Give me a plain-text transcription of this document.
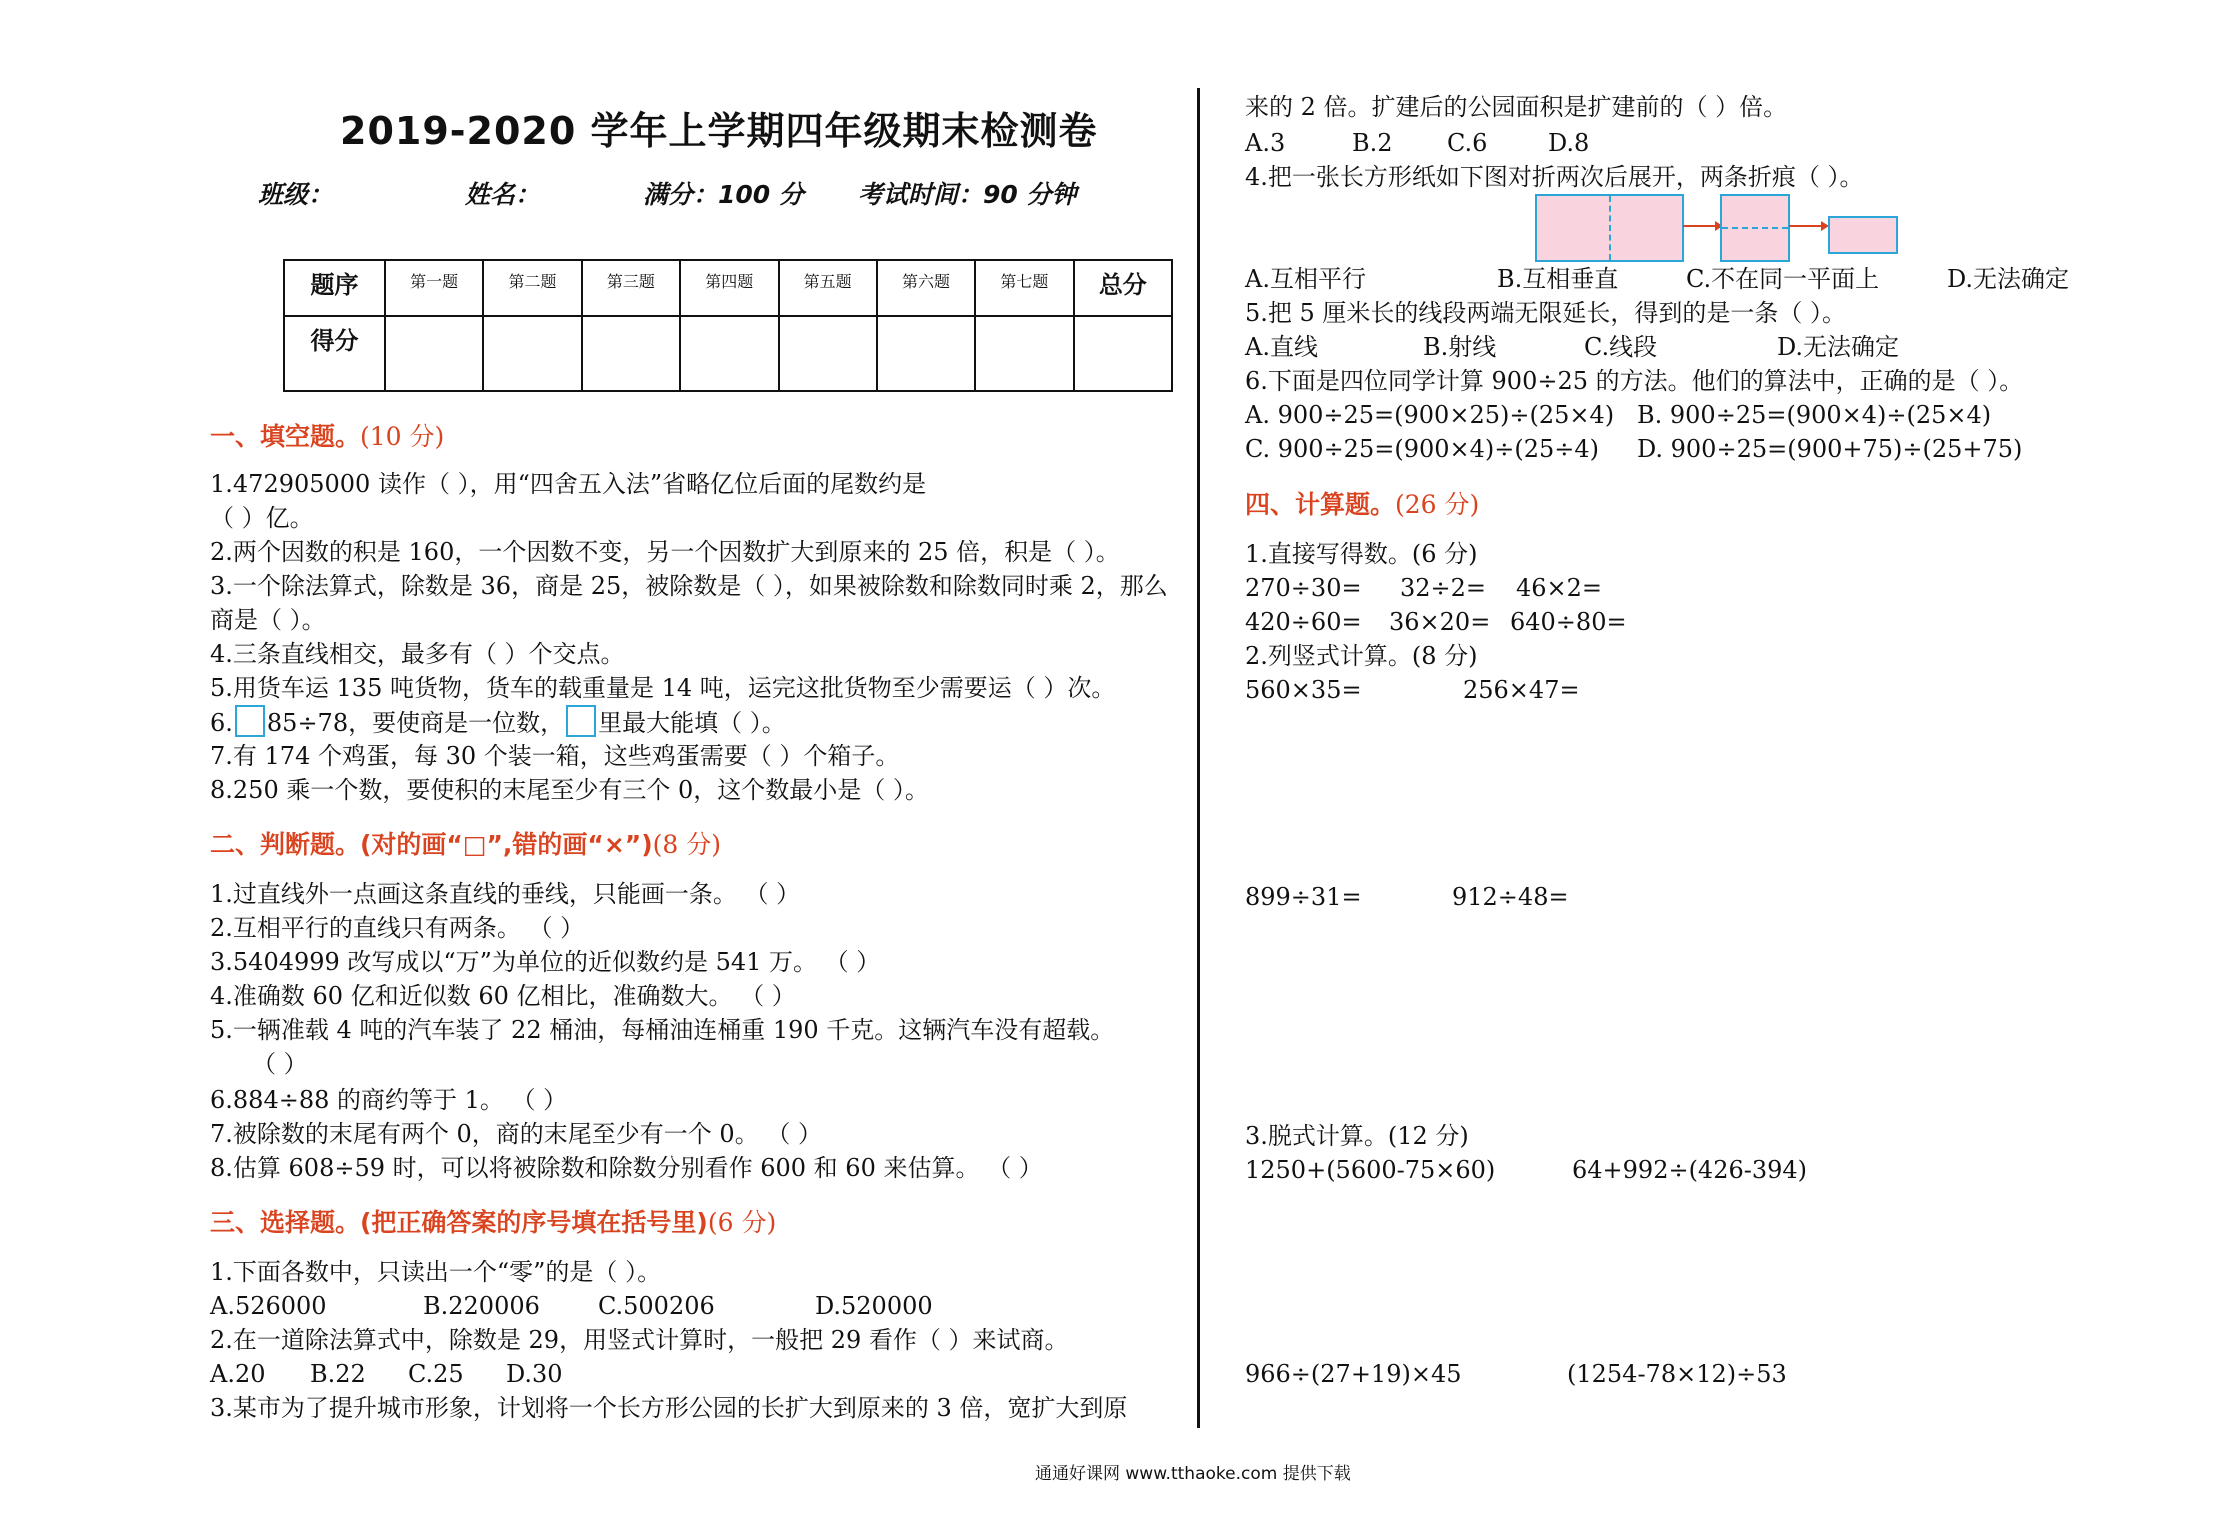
2019-2020 学年上学期四年级期末检测卷
班级：	姓名：	满分：100 分 考试时间：90 分钟
题序	第一题	第二题	第三题	第四题	第五题	第六题	第七题	总分
得分								
一、填空题。(10 分)
1.472905000 读作（ ），用“四舍五入法”省略亿位后面的尾数约是
（ ）亿。
2.两个因数的积是 160，一个因数不变，另一个因数扩大到原来的 25 倍，积是（ ）。
3.一个除法算式，除数是 36，商是 25，被除数是（ ），如果被除数和除数同时乘 2，那么
商是（ ）。
4.三条直线相交，最多有（ ）个交点。
5.用货车运 135 吨货物，货车的载重量是 14 吨，运完这批货物至少需要运（ ）次。
6. 85÷78，要使商是一位数， 里最大能填（ ）。
7.有 174 个鸡蛋，每 30 个装一箱，这些鸡蛋需要（ ）个箱子。
8.250 乘一个数，要使积的末尾至少有三个 0，这个数最小是（ ）。
二、判断题。(对的画“□”,错的画“×”)(8 分)
1.过直线外一点画这条直线的垂线，只能画一条。 （ ）
2.互相平行的直线只有两条。 （ ）
3.5404999 改写成以“万”为单位的近似数约是 541 万。 （ ）
4.准确数 60 亿和近似数 60 亿相比，准确数大。 （ ）
5.一辆准载 4 吨的汽车装了 22 桶油，每桶油连桶重 190 千克。这辆汽车没有超载。
（ ）
6.884÷88 的商约等于 1。 （ ）
7.被除数的末尾有两个 0，商的末尾至少有一个 0。 （ ）
8.估算 608÷59 时，可以将被除数和除数分别看作 600 和 60 来估算。 （ ）
三、选择题。(把正确答案的序号填在括号里)(6 分)
1.下面各数中，只读出一个“零”的是（ ）。
A.526000	B.220006 C.500206	D.520000
2.在一道除法算式中，除数是 29，用竖式计算时，一般把 29 看作（ ）来试商。
A.20 B.22 C.25 D.30
3.某市为了提升城市形象，计划将一个长方形公园的长扩大到原来的 3 倍，宽扩大到原
来的 2 倍。扩建后的公园面积是扩建前的（ ）倍。
A.3	B.2 C.6	D.8
4.把一张长方形纸如下图对折两次后展开，两条折痕（ ）。
A.互相平行	B.互相垂直	C.不在同一平面上	D.无法确定
5.把 5 厘米长的线段两端无限延长，得到的是一条（ ）。
A.直线	B.射线	C.线段	D.无法确定
6.下面是四位同学计算 900÷25 的方法。他们的算法中，正确的是（ ）。
A. 900÷25=(900×25)÷(25×4) B. 900÷25=(900×4)÷(25×4)
C. 900÷25=(900×4)÷(25÷4) D. 900÷25=(900+75)÷(25+75)
四、计算题。(26 分)
1.直接写得数。(6 分)
270÷30= 32÷2= 46×2=
420÷60= 36×20= 640÷80=
2.列竖式计算。(8 分)
560×35=	256×47=
899÷31=	912÷48=
3.脱式计算。(12 分)
1250+(5600-75×60)	64+992÷(426-394)
966÷(27+19)×45	(1254-78×12)÷53
通通好课网 www.tthaoke.com 提供下载
